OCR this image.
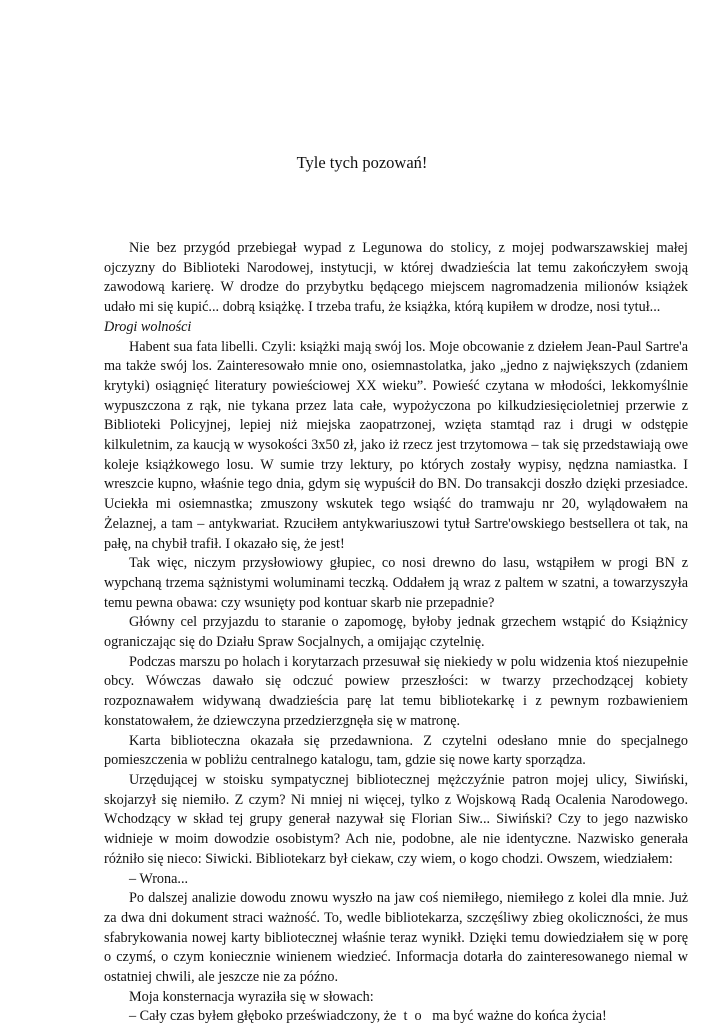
Tyle tych pozowań!

Nie bez przygód przebiegał wypad z Legunowa do stolicy, z mojej podwarszawskiej małej ojczyzny do Biblioteki Narodowej, instytucji, w której dwadzieścia lat temu zakończyłem swoją zawodową karierę. W drodze do przybytku będącego miejscem nagromadzenia milionów książek udało mi się kupić... dobrą książkę. I trzeba trafu, że książka, którą kupiłem w drodze, nosi tytuł...

Drogi wolności

Habent sua fata libelli. Czyli: książki mają swój los. Moje obcowanie z dziełem Jean-Paul Sartre'a ma także swój los. Zainteresowało mnie ono, osiemnastolatka, jako „jedno z największych (zdaniem krytyki) osiągnięć literatury powieściowej XX wieku”. Powieść czytana w młodości, lekkomyślnie wypuszczona z rąk, nie tykana przez lata całe, wypożyczona po kilkudziesięcioletniej przerwie z Biblioteki Policyjnej, lepiej niż miejska zaopatrzonej, wzięta stamtąd raz i drugi w odstępie kilkuletnim, za kaucją w wysokości 3x50 zł, jako iż rzecz jest trzytomowa – tak się przedstawiają owe koleje książkowego losu. W sumie trzy lektury, po których zostały wypisy, nędzna namiastka. I wreszcie kupno, właśnie tego dnia, gdym się wypuścił do BN. Do transakcji doszło dzięki przesiadce. Uciekła mi osiemnastka; zmuszony wskutek tego wsiąść do tramwaju nr 20, wylądowałem na Żelaznej, a tam – antykwariat. Rzuciłem antykwariuszowi tytuł Sartre'owskiego bestsellera ot tak, na pałę, na chybił trafił. I okazało się, że jest!

Tak więc, niczym przysłowiowy głupiec, co nosi drewno do lasu, wstąpiłem w progi BN z wypchaną trzema sążnistymi woluminami teczką. Oddałem ją wraz z paltem w szatni, a towarzyszyła temu pewna obawa: czy wsunięty pod kontuar skarb nie przepadnie?

Główny cel przyjazdu to staranie o zapomogę, byłoby jednak grzechem wstąpić do Książnicy ograniczając się do Działu Spraw Socjalnych, a omijając czytelnię.

Podczas marszu po holach i korytarzach przesuwał się niekiedy w polu widzenia ktoś niezupełnie obcy. Wówczas dawało się odczuć powiew przeszłości: w twarzy przechodzącej kobiety rozpoznawałem widywaną dwadzieścia parę lat temu bibliotekarkę i z pewnym rozbawieniem konstatowałem, że dziewczyna przedzierzgnęła się w matronę.

Karta biblioteczna okazała się przedawniona. Z czytelni odesłano mnie do specjalnego pomieszczenia w pobliżu centralnego katalogu, tam, gdzie się nowe karty sporządza.

Urzędującej w stoisku sympatycznej bibliotecznej mężczyźnie patron mojej ulicy, Siwiński, skojarzył się niemiło. Z czym? Ni mniej ni więcej, tylko z Wojskową Radą Ocalenia Narodowego. Wchodzący w skład tej grupy generał nazywał się Florian Siw... Siwiński? Czy to jego nazwisko widnieje w moim dowodzie osobistym? Ach nie, podobne, ale nie identyczne. Nazwisko generała różniło się nieco: Siwicki. Bibliotekarz był ciekaw, czy wiem, o kogo chodzi. Owszem, wiedziałem:

– Wrona...

Po dalszej analizie dowodu znowu wyszło na jaw coś niemiłego, niemiłego z kolei dla mnie. Już za dwa dni dokument straci ważność. To, wedle bibliotekarza, szczęśliwy zbieg okoliczności, że mus sfabrykowania nowej karty bibliotecznej właśnie teraz wynikł. Dzięki temu dowiedziałem się w porę o czymś, o czym koniecznie winienem wiedzieć. Informacja dotarła do zainteresowanego niemal w ostatniej chwili, ale jeszcze nie za późno.

Moja konsternacja wyraziła się w słowach:

– Cały czas byłem głęboko przeświadczony, że  t  o   ma być ważne do końca życia!
